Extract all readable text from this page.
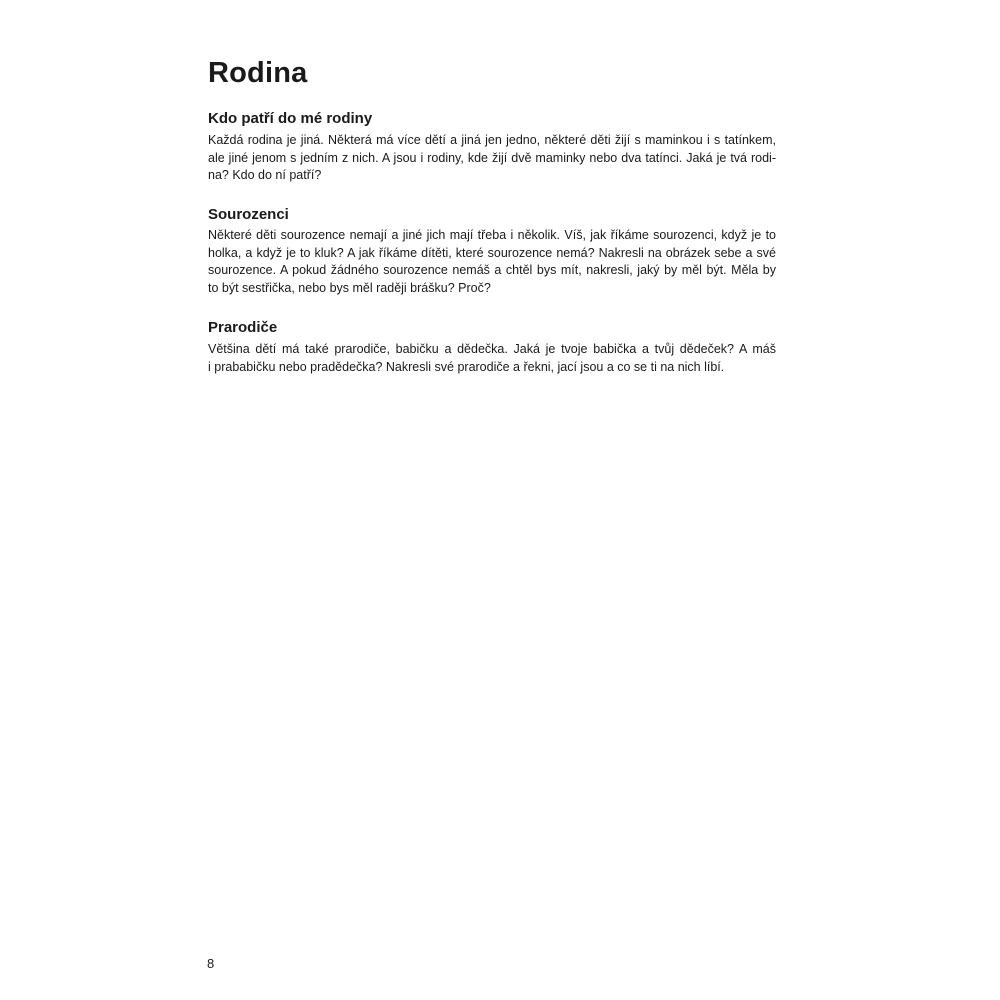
Rodina
Kdo patří do mé rodiny
Každá rodina je jiná. Některá má více dětí a jiná jen jedno, některé děti žijí s maminkou i s tatínkem,
ale jiné jenom s jedním z nich. A jsou i rodiny, kde žijí dvě maminky nebo dva tatínci. Jaká je tvá rodi-
na? Kdo do ní patří?
Sourozenci
Některé děti sourozence nemají a jiné jich mají třeba i několik. Víš, jak říkáme sourozenci, když je to
holka, a když je to kluk? A jak říkáme dítěti, které sourozence nemá? Nakresli na obrázek sebe a své
sourozence. A pokud žádného sourozence nemáš a chtěl bys mít, nakresli, jaký by měl být. Měla by
to být sestřička, nebo bys měl raději brášku? Proč?
Prarodiče
Většina dětí má také prarodiče, babičku a dědečka. Jaká je tvoje babička a tvůj dědeček? A máš
i prababičku nebo pradědečka? Nakresli své prarodiče a řekni, jací jsou a co se ti na nich líbí.
8
